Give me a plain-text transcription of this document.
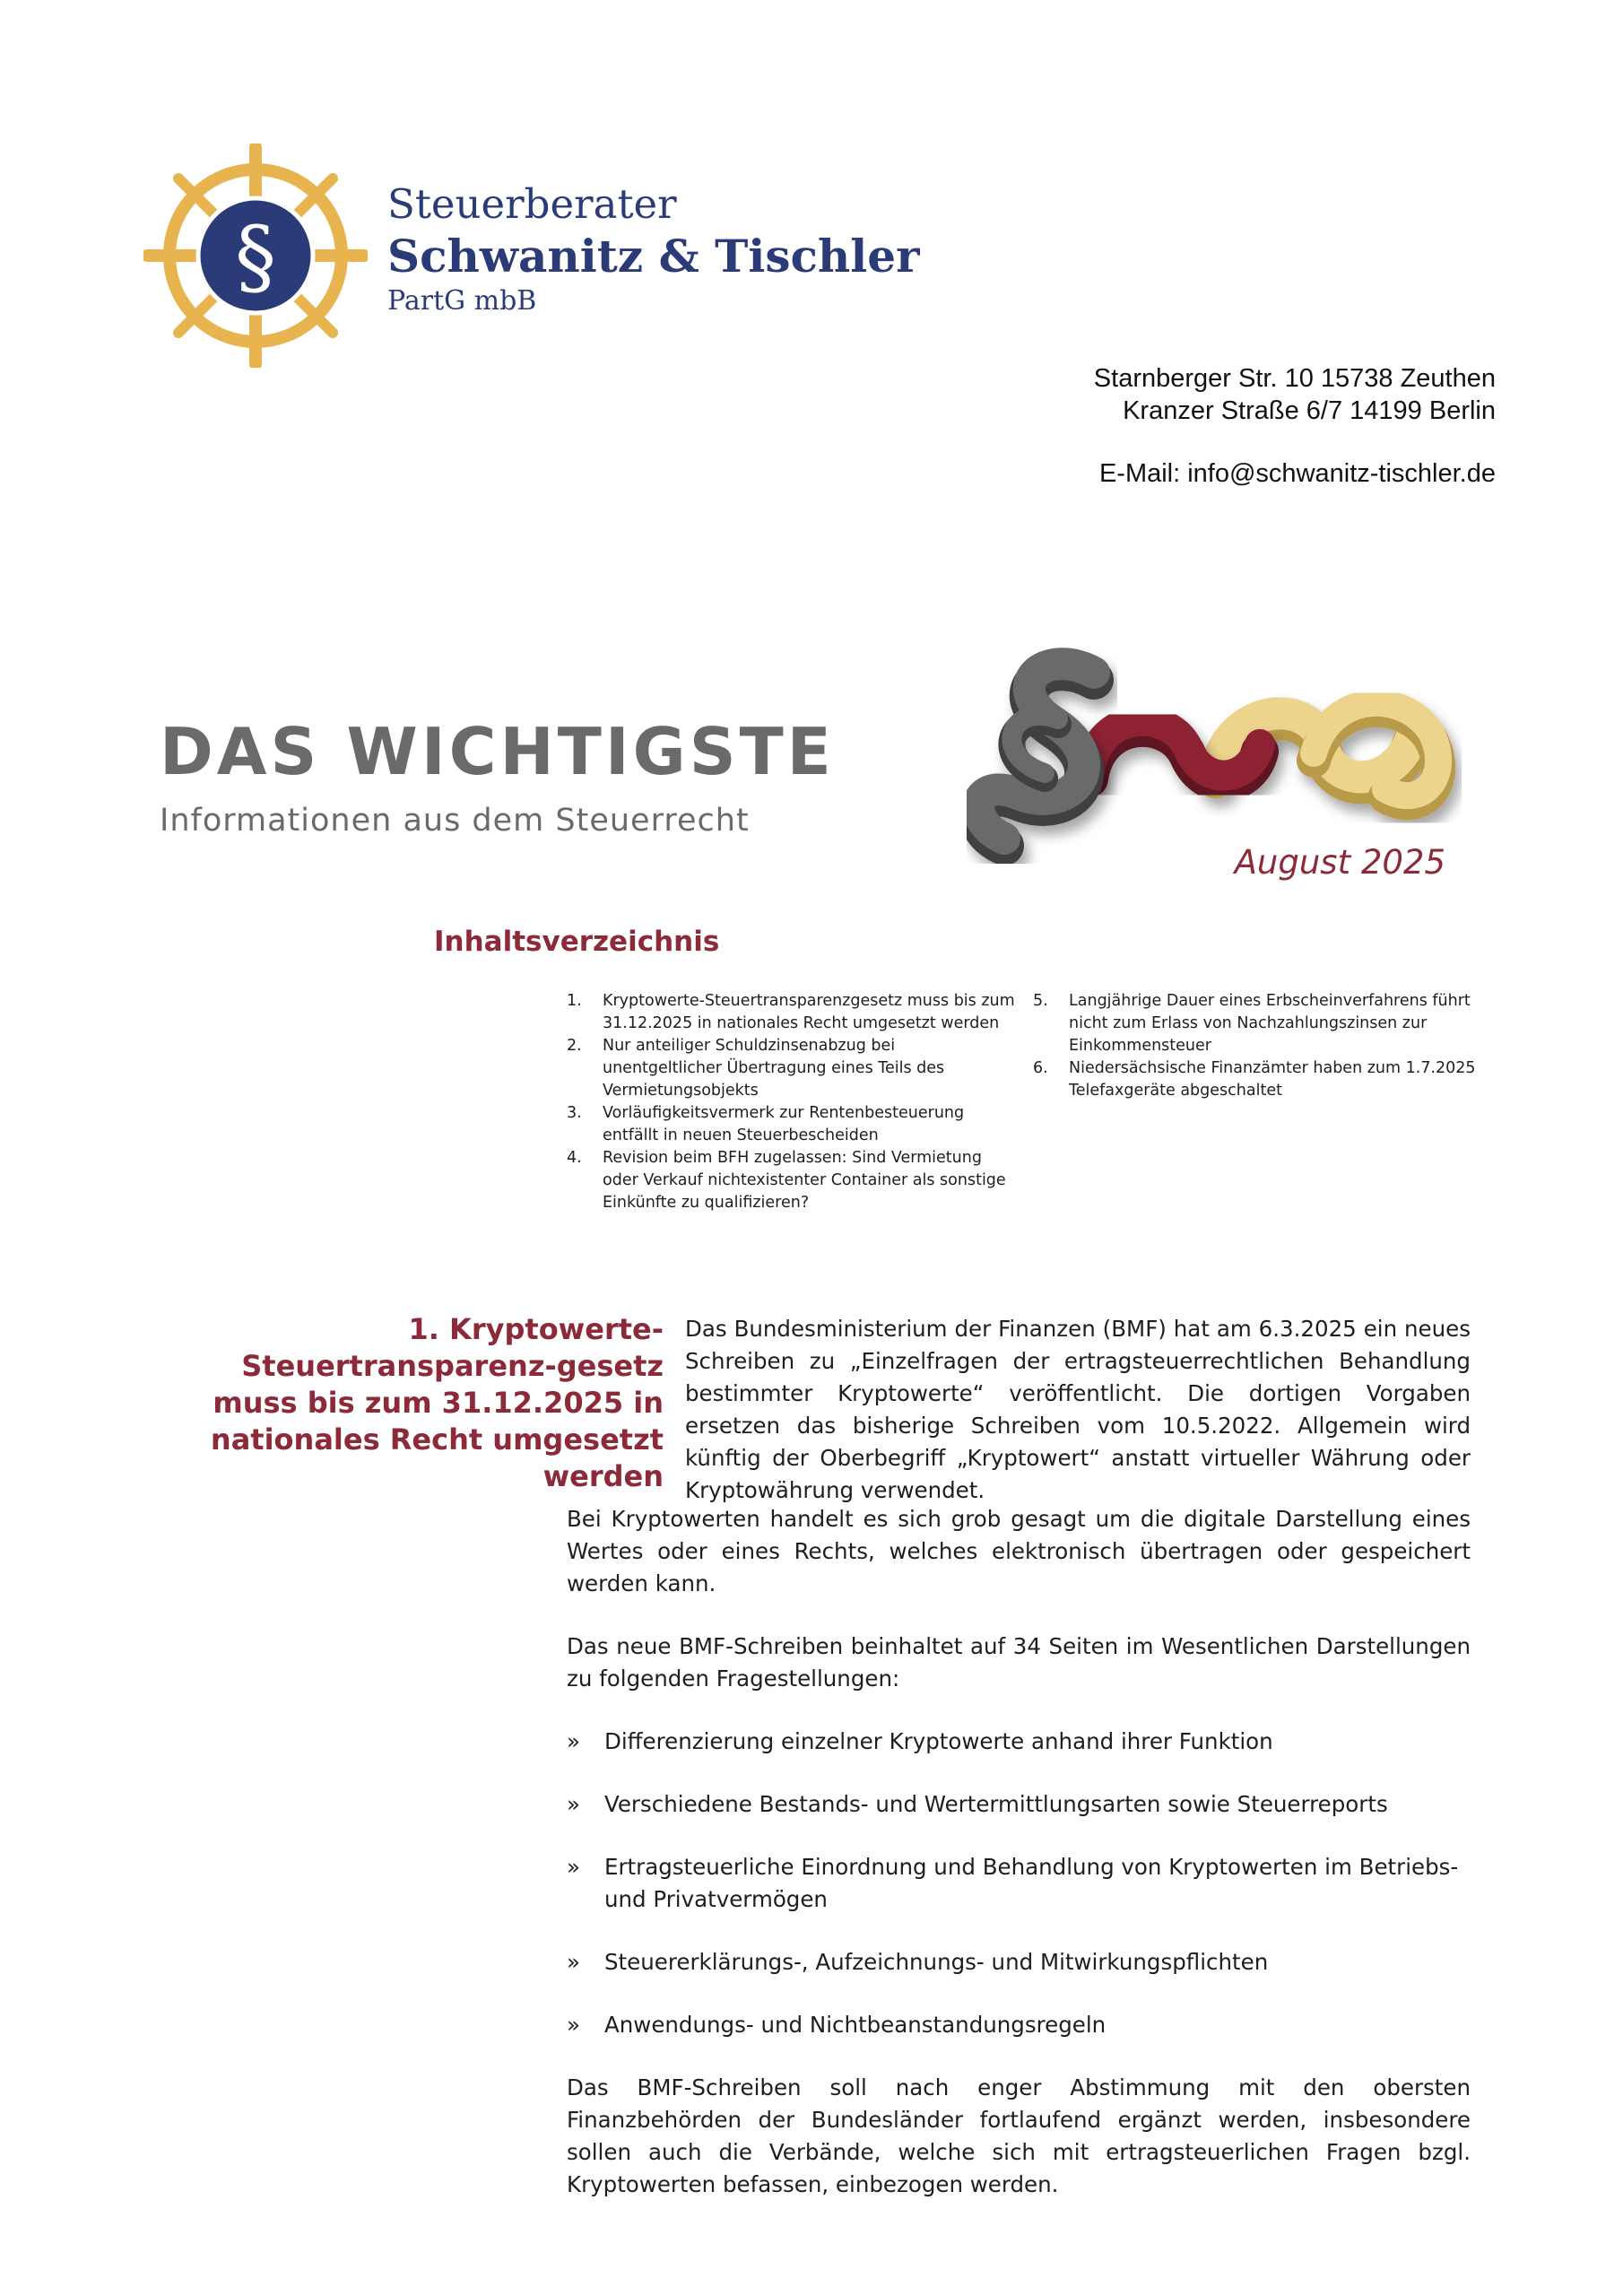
§
Steuerberater
Schwanitz & Tischler
PartG mbB
Starnberger Str. 10 15738 Zeuthen
Kranzer Straße 6/7 14199 Berlin
E-Mail: info@schwanitz-tischler.de
DAS WICHTIGSTE
Informationen aus dem Steuerrecht
August 2025
Inhaltsverzeichnis
1.	Kryptowerte-Steuertransparenzgesetz muss bis zum 31.12.2025 in nationales Recht umgesetzt werden
2.	Nur anteiliger Schuldzinsenabzug bei unentgeltlicher Übertragung eines Teils des Vermietungsobjekts
3.	Vorläufigkeitsvermerk zur Rentenbesteuerung entfällt in neuen Steuerbescheiden
4.	Revision beim BFH zugelassen: Sind Vermietung oder Verkauf nichtexistenter Container als sonstige Einkünfte zu qualifizieren?
5.	Langjährige Dauer eines Erbscheinverfahrens führt nicht zum Erlass von Nachzahlungszinsen zur Einkommensteuer
6.	Niedersächsische Finanzämter haben zum 1.7.2025 Telefaxgeräte abgeschaltet
1. Kryptowerte-Steuertransparenz-gesetz muss bis zum 31.12.2025 in nationales Recht umgesetzt werden
Das Bundesministerium der Finanzen (BMF) hat am 6.3.2025 ein neues Schreiben zu „Einzelfragen der ertragsteuerrechtlichen Behandlung bestimmter Kryptowerte“ veröffentlicht. Die dortigen Vorgaben ersetzen das bisherige Schreiben vom 10.5.2022. Allgemein wird künftig der Oberbegriff „Kryptowert“ anstatt virtueller Währung oder Kryptowährung verwendet.

Bei Kryptowerten handelt es sich grob gesagt um die digitale Darstellung eines Wertes oder eines Rechts, welches elektronisch übertragen oder gespeichert werden kann.

Das neue BMF-Schreiben beinhaltet auf 34 Seiten im Wesentlichen Darstellungen zu folgenden Fragestellungen:

»	Differenzierung einzelner Kryptowerte anhand ihrer Funktion
»	Verschiedene Bestands- und Wertermittlungsarten sowie Steuerreports
»	Ertragsteuerliche Einordnung und Behandlung von Kryptowerten im Betriebs- und Privatvermögen
»	Steuererklärungs-, Aufzeichnungs- und Mitwirkungspflichten
»	Anwendungs- und Nichtbeanstandungsregeln

Das BMF-Schreiben soll nach enger Abstimmung mit den obersten Finanzbehörden der Bundesländer fortlaufend ergänzt werden, insbesondere sollen auch die Verbände, welche sich mit ertragsteuerlichen Fragen bzgl. Kryptowerten befassen, einbezogen werden.
